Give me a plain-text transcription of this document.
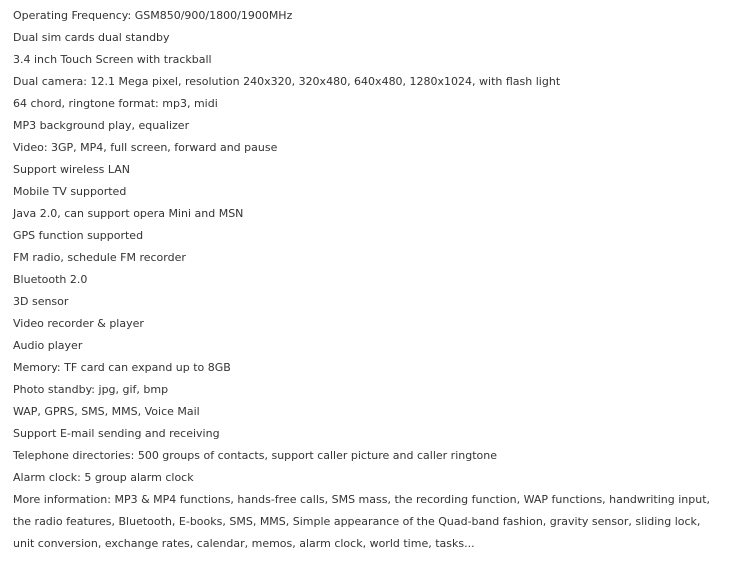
Operating Frequency: GSM850/900/1800/1900MHz
Dual sim cards dual standby
3.4 inch Touch Screen with trackball
Dual camera: 12.1 Mega pixel, resolution 240x320, 320x480, 640x480, 1280x1024, with flash light
64 chord, ringtone format: mp3, midi
MP3 background play, equalizer
Video: 3GP, MP4, full screen, forward and pause
Support wireless LAN
Mobile TV supported
Java 2.0, can support opera Mini and MSN
GPS function supported
FM radio, schedule FM recorder
Bluetooth 2.0
3D sensor
Video recorder & player
Audio player
Memory: TF card can expand up to 8GB
Photo standby: jpg, gif, bmp
WAP, GPRS, SMS, MMS, Voice Mail
Support E-mail sending and receiving
Telephone directories: 500 groups of contacts, support caller picture and caller ringtone
Alarm clock: 5 group alarm clock
More information: MP3 & MP4 functions, hands-free calls, SMS mass, the recording function, WAP functions, handwriting input, the radio features, Bluetooth, E-books, SMS, MMS, Simple appearance of the Quad-band fashion, gravity sensor, sliding lock, unit conversion, exchange rates, calendar, memos, alarm clock, world time, tasks...
